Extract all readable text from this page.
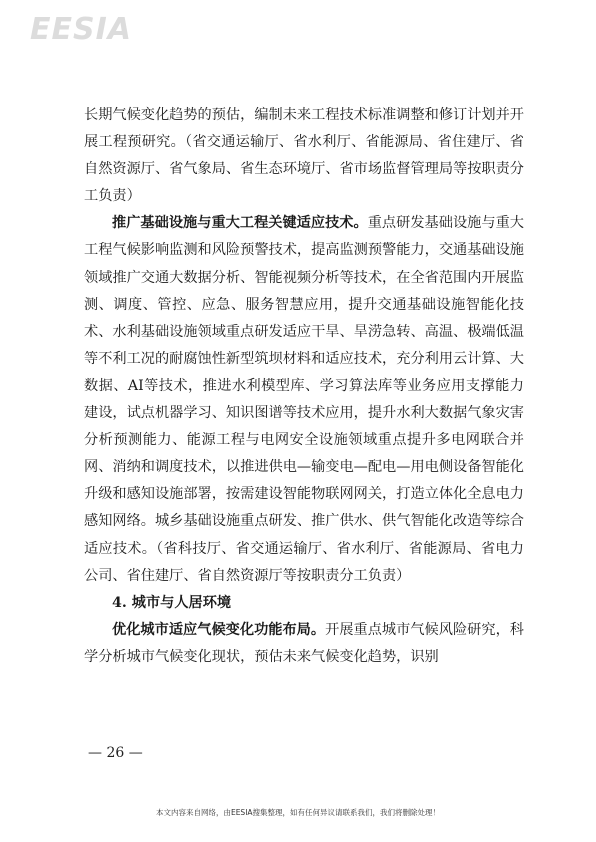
EESIA

长期气候变化趋势的预估，编制未来工程技术标准调整和修订计划并开展工程预研究。（省交通运输厅、省水利厅、省能源局、省住建厅、省自然资源厅、省气象局、省生态环境厅、省市场监督管理局等按职责分工负责）

推广基础设施与重大工程关键适应技术。重点研发基础设施与重大工程气候影响监测和风险预警技术，提高监测预警能力，交通基础设施领域推广交通大数据分析、智能视频分析等技术，在全省范围内开展监测、调度、管控、应急、服务智慧应用，提升交通基础设施智能化技术、水利基础设施领域重点研发适应干旱、旱涝急转、高温、极端低温等不利工况的耐腐蚀性新型筑坝材料和适应技术，充分利用云计算、大数据、AI等技术，推进水利模型库、学习算法库等业务应用支撑能力建设，试点机器学习、知识图谱等技术应用，提升水利大数据气象灾害分析预测能力、能源工程与电网安全设施领域重点提升多电网联合并网、消纳和调度技术，以推进供电—输变电—配电—用电侧设备智能化升级和感知设施部署，按需建设智能物联网网关，打造立体化全息电力感知网络。城乡基础设施重点研发、推广供水、供气智能化改造等综合适应技术。（省科技厅、省交通运输厅、省水利厅、省能源局、省电力公司、省住建厅、省自然资源厅等按职责分工负责）

4. 城市与人居环境

优化城市适应气候变化功能布局。开展重点城市气候风险研究，科学分析城市气候变化现状，预估未来气候变化趋势，识别

— 26 —
本文内容来自网络，由EESIA搜集整理，如有任何异议请联系我们，我们将删除处理！
